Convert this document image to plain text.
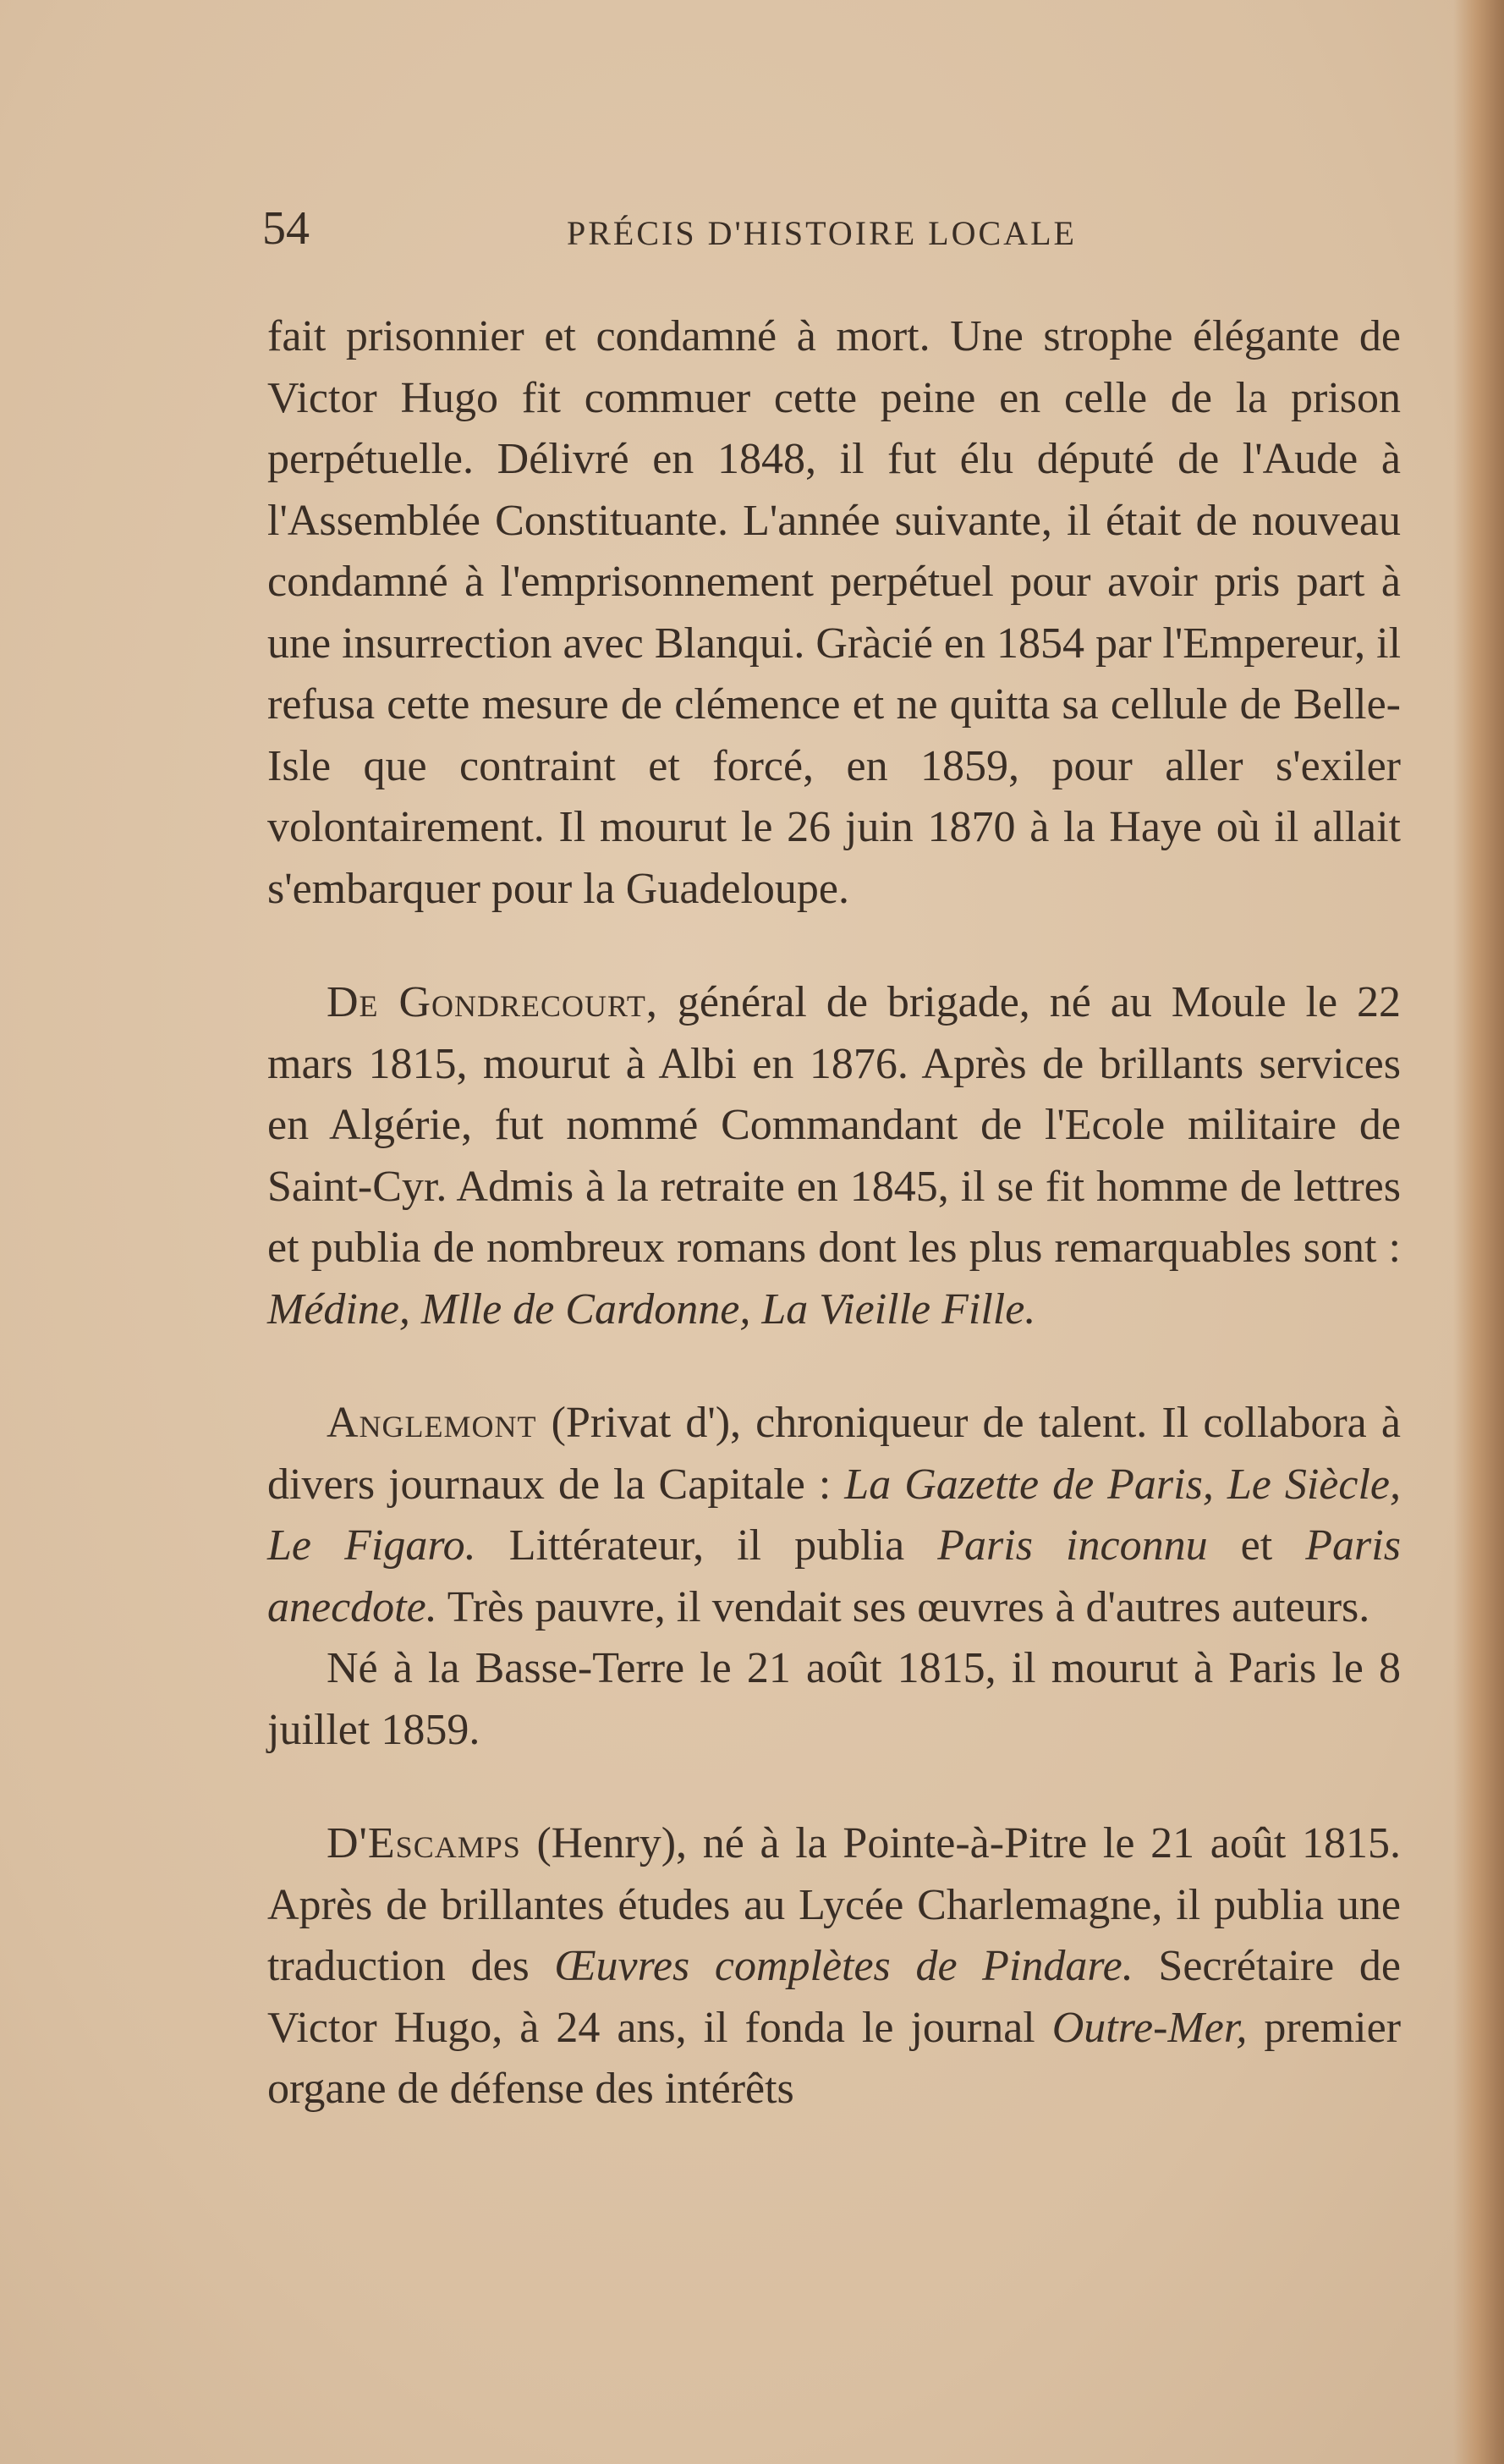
54	PRÉCIS D'HISTOIRE LOCALE

fait prisonnier et condamné à mort. Une strophe élégante de Victor Hugo fit commuer cette peine en celle de la prison perpétuelle. Délivré en 1848, il fut élu député de l'Aude à l'Assemblée Constituante. L'année suivante, il était de nouveau condamné à l'emprisonnement perpétuel pour avoir pris part à une insurrection avec Blanqui. Gràcié en 1854 par l'Empereur, il refusa cette mesure de clémence et ne quitta sa cellule de Belle-Isle que contraint et forcé, en 1859, pour aller s'exiler volontairement. Il mourut le 26 juin 1870 à la Haye où il allait s'embarquer pour la Guadeloupe.

De Gondrecourt, général de brigade, né au Moule le 22 mars 1815, mourut à Albi en 1876. Après de brillants services en Algérie, fut nommé Commandant de l'Ecole militaire de Saint-Cyr. Admis à la retraite en 1845, il se fit homme de lettres et publia de nombreux romans dont les plus remarquables sont : Médine, Mlle de Cardonne, La Vieille Fille.

Anglemont (Privat d'), chroniqueur de talent. Il collabora à divers journaux de la Capitale : La Gazette de Paris, Le Siècle, Le Figaro. Littérateur, il publia Paris inconnu et Paris anecdote. Très pauvre, il vendait ses œuvres à d'autres auteurs.

Né à la Basse-Terre le 21 août 1815, il mourut à Paris le 8 juillet 1859.

D'Escamps (Henry), né à la Pointe-à-Pitre le 21 août 1815. Après de brillantes études au Lycée Charlemagne, il publia une traduction des Œuvres complètes de Pindare. Secrétaire de Victor Hugo, à 24 ans, il fonda le journal Outre-Mer, premier organe de défense des intérêts
